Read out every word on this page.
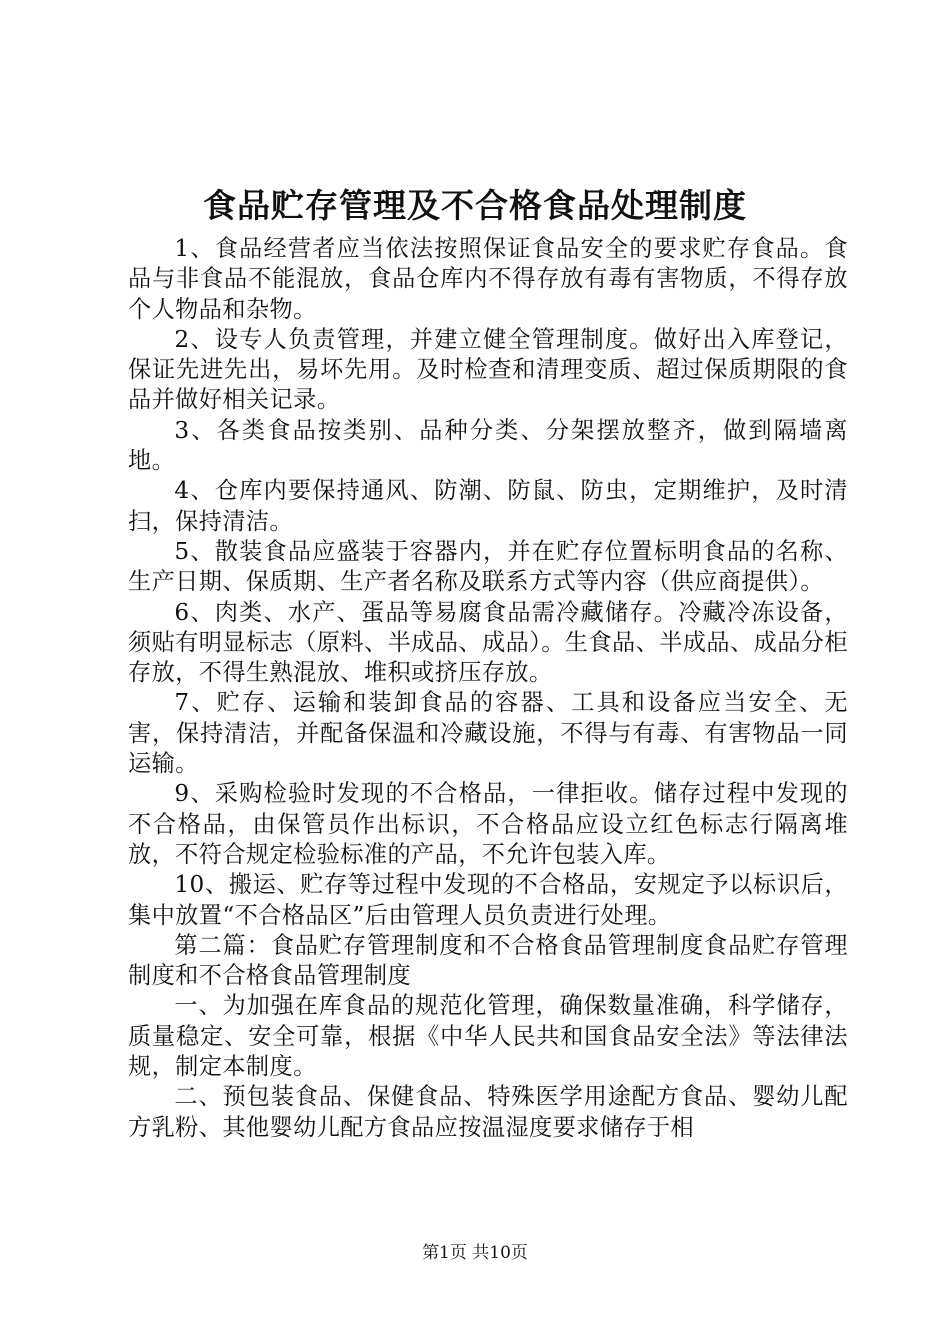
食品贮存管理及不合格食品处理制度

1、食品经营者应当依法按照保证食品安全的要求贮存食品。食品与非食品不能混放，食品仓库内不得存放有毒有害物质，不得存放个人物品和杂物。

2、设专人负责管理，并建立健全管理制度。做好出入库登记，保证先进先出，易坏先用。及时检查和清理变质、超过保质期限的食品并做好相关记录。

3、各类食品按类别、品种分类、分架摆放整齐，做到隔墙离地。

4、仓库内要保持通风、防潮、防鼠、防虫，定期维护，及时清扫，保持清洁。

5、散装食品应盛装于容器内，并在贮存位置标明食品的名称、生产日期、保质期、生产者名称及联系方式等内容（供应商提供）。

6、肉类、水产、蛋品等易腐食品需冷藏储存。冷藏冷冻设备，须贴有明显标志（原料、半成品、成品）。生食品、半成品、成品分柜存放，不得生熟混放、堆积或挤压存放。

7、贮存、运输和装卸食品的容器、工具和设备应当安全、无害，保持清洁，并配备保温和冷藏设施，不得与有毒、有害物品一同运输。

9、采购检验时发现的不合格品，一律拒收。储存过程中发现的不合格品，由保管员作出标识，不合格品应设立红色标志行隔离堆放，不符合规定检验标准的产品，不允许包装入库。

10、搬运、贮存等过程中发现的不合格品，安规定予以标识后，集中放置“不合格品区”后由管理人员负责进行处理。

第二篇：食品贮存管理制度和不合格食品管理制度食品贮存管理制度和不合格食品管理制度

一、为加强在库食品的规范化管理，确保数量准确，科学储存，质量稳定、安全可靠，根据《中华人民共和国食品安全法》等法律法规，制定本制度。

二、预包装食品、保健食品、特殊医学用途配方食品、婴幼儿配方乳粉、其他婴幼儿配方食品应按温湿度要求储存于相

第1页 共10页
